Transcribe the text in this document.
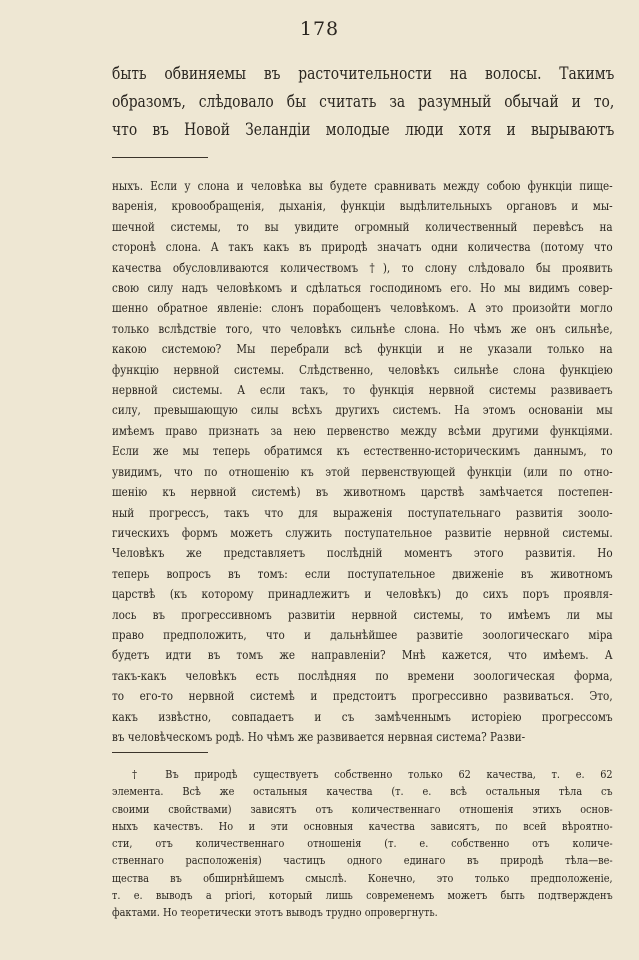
178
быть обвиняемы въ расточительности на волосы. Такимъ
образомъ, слѣдовало бы считать за разумный обычай и то,
что въ Новой Зеландiи молодые люди хотя и вырываютъ
ныхъ. Если у слона и человѣка вы будете сравнивать между собою функцiи пище-
варенiя, кровообращенiя, дыханiя, функцiи выдѣлительныхъ органовъ и мы-
шечной системы, то вы увидите огромный количественный перевѣсъ на
сторонѣ слона. А такъ какъ въ природѣ значатъ одни количества (потому что
качества обусловливаются количествомъ †), то слону слѣдовало бы проявить
свою силу надъ человѣкомъ и сдѣлаться господиномъ его. Но мы видимъ совер-
шенно обратное явленiе: слонъ порабощенъ человѣкомъ. А это произойти могло
только вслѣдствiе того, что человѣкъ сильнѣе слона. Но чѣмъ же онъ сильнѣе,
какою системою? Мы перебрали всѣ функцiи и не указали только на
функцiю нервной системы. Слѣдственно, человѣкъ сильнѣе слона функцiею
нервной системы. А если такъ, то функцiя нервной системы развиваетъ
силу, превышающую силы всѣхъ другихъ системъ. На этомъ основанiи мы
имѣемъ право признать за нею первенство между всѣми другими функцiями.
Если же мы теперь обратимся къ естественно-историческимъ даннымъ, то
увидимъ, что по отношенiю къ этой первенствующей функцiи (или по отно-
шенiю къ нервной системѣ) въ животномъ царствѣ замѣчается постепен-
ный прогрессъ, такъ что для выраженiя поступательнаго развитiя зооло-
гическихъ формъ можетъ служить поступательное развитiе нервной системы.
Человѣкъ же представляетъ послѣднiй моментъ этого развитiя. Но
теперь вопросъ въ томъ: если поступательное движенiе въ животномъ
царствѣ (къ которому принадлежитъ и человѣкъ) до сихъ поръ проявля-
лось въ прогрессивномъ развитiи нервной системы, то имѣемъ ли мы
право предположить, что и дальнѣйшее развитiе зоологическаго мiра
будетъ идти въ томъ же направленiи? Мнѣ кажется, что имѣемъ. А
такъ-какъ человѣкъ есть послѣдняя по времени зоологическая форма,
то его-то нервной системѣ и предстоитъ прогрессивно развиваться. Это,
какъ извѣстно, совпадаетъ и съ замѣченнымъ исторiею прогрессомъ
въ человѣческомъ родѣ. Но чѣмъ же развивается нервная система? Разви-
† Въ природѣ существуетъ собственно только 62 качества, т. е. 62
элемента. Всѣ же остальныя качества (т. е. всѣ остальныя тѣла съ
своими свойствами) зависятъ отъ количественнаго отношенiя этихъ основ-
ныхъ качествъ. Но и эти основныя качества зависятъ, по всей вѣроятно-
сти, отъ количественнаго отношенiя (т. е. собственно отъ количе-
ственнаго расположенiя) частицъ одного единаго въ природѣ тѣла—ве-
щества въ обширнѣйшемъ смыслѣ. Конечно, это только предположенiе,
т. е. выводъ a priori, который лишь современемъ можетъ быть подтвержденъ
фактами. Но теоретически этотъ выводъ трудно опровергнуть.
